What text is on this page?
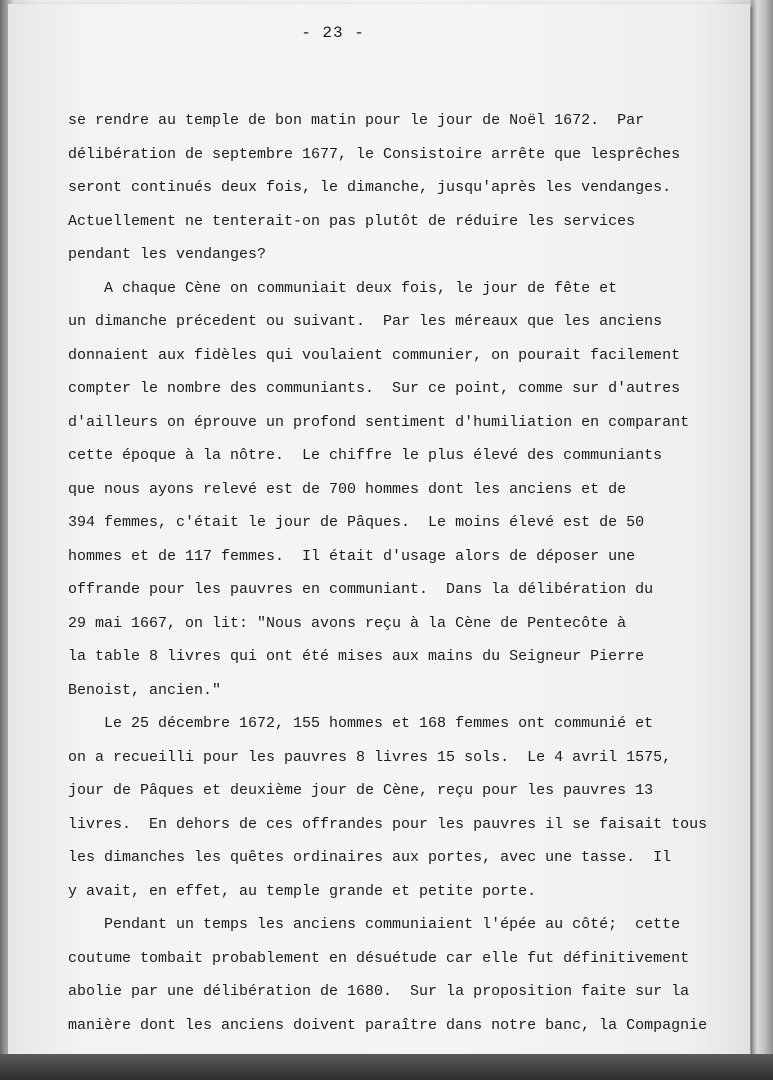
- 23 -
se rendre au temple de bon matin pour le jour de Noël 1672.  Par
délibération de septembre 1677, le Consistoire arrête que lesprêches
seront continués deux fois, le dimanche, jusqu'après les vendanges.
Actuellement ne tenterait-on pas plutôt de réduire les services
pendant les vendanges?
A chaque Cène on communiait deux fois, le jour de fête et
un dimanche précedent ou suivant.  Par les méreaux que les anciens
donnaient aux fidèles qui voulaient communier, on pourait facilement
compter le nombre des communiants.  Sur ce point, comme sur d'autres
d'ailleurs on éprouve un profond sentiment d'humiliation en comparant
cette époque à la nôtre.  Le chiffre le plus élevé des communiants
que nous ayons relevé est de 700 hommes dont les anciens et de
394 femmes, c'était le jour de Pâques.  Le moins élevé est de 50
hommes et de 117 femmes.  Il était d'usage alors de déposer une
offrande pour les pauvres en communiant.  Dans la délibération du
29 mai 1667, on lit: "Nous avons reçu à la Cène de Pentecôte à
la table 8 livres qui ont été mises aux mains du Seigneur Pierre
Benoist, ancien."
Le 25 décembre 1672, 155 hommes et 168 femmes ont communié et
on a recueilli pour les pauvres 8 livres 15 sols.  Le 4 avril 1575,
jour de Pâques et deuxième jour de Cène, reçu pour les pauvres 13
livres.  En dehors de ces offrandes pour les pauvres il se faisait tous
les dimanches les quêtes ordinaires aux portes, avec une tasse.  Il
y avait, en effet, au temple grande et petite porte.
Pendant un temps les anciens communiaient l'épée au côté;  cette
coutume tombait probablement en désuétude car elle fut définitivement
abolie par une délibération de 1680.  Sur la proposition faite sur la
manière dont les anciens doivent paraître dans notre banc, la Compagnie
